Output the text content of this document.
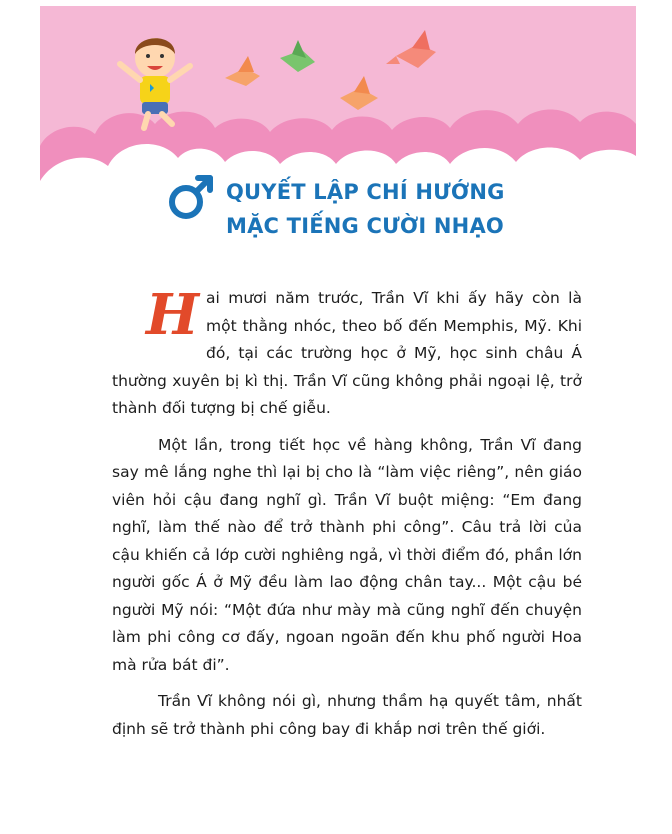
QUYẾT LẬP CHÍ HƯỚNG
MẶC TIẾNG CƯỜI NHẠO

Hai mươi năm trước, Trần Vĩ khi ấy hãy còn là một thằng nhóc, theo bố đến Memphis, Mỹ. Khi đó, tại các trường học ở Mỹ, học sinh châu Á thường xuyên bị kì thị. Trần Vĩ cũng không phải ngoại lệ, trở thành đối tượng bị chế giễu.

Một lần, trong tiết học về hàng không, Trần Vĩ đang say mê lắng nghe thì lại bị cho là “làm việc riêng”, nên giáo viên hỏi cậu đang nghĩ gì. Trần Vĩ buột miệng: “Em đang nghĩ, làm thế nào để trở thành phi công”. Câu trả lời của cậu khiến cả lớp cười nghiêng ngả, vì thời điểm đó, phần lớn người gốc Á ở Mỹ đều làm lao động chân tay... Một cậu bé người Mỹ nói: “Một đứa như mày mà cũng nghĩ đến chuyện làm phi công cơ đấy, ngoan ngoãn đến khu phố người Hoa mà rửa bát đi”.

Trần Vĩ không nói gì, nhưng thầm hạ quyết tâm, nhất định sẽ trở thành phi công bay đi khắp nơi trên thế giới.
